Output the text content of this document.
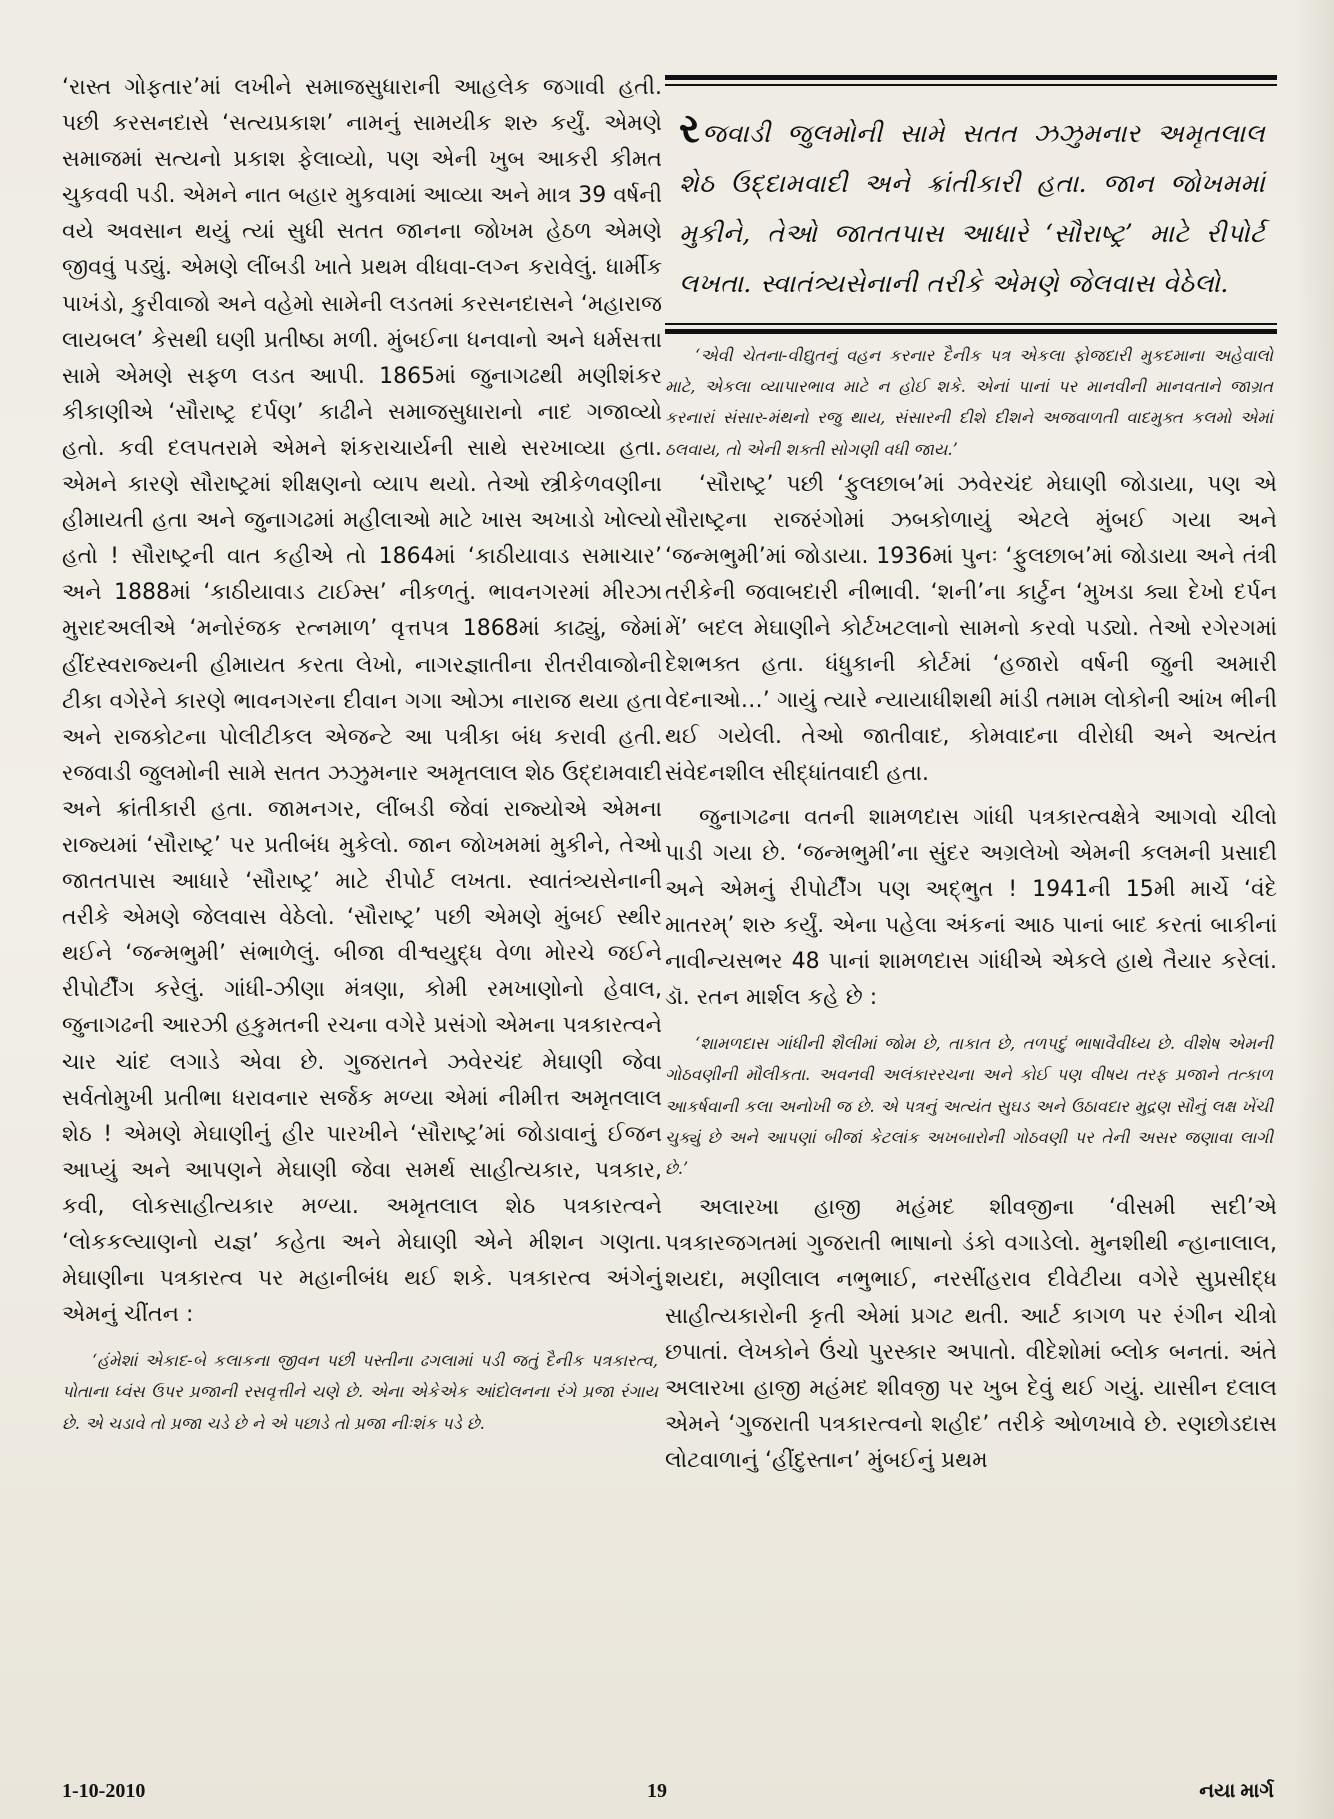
‘રાસ્ત ગોફતાર’માં લખીને સમાજસુધારાની આહલેક જગાવી હતી. પછી કરસનદાસે ‘સત્યપ્રકાશ’ નામનું સામયીક શરુ કર્યું. એમણે સમાજમાં સત્યનો પ્રકાશ ફેલાવ્યો, પણ એની ખુબ આકરી કીમત ચુકવવી પડી. એમને નાત બહાર મુકવામાં આવ્યા અને માત્ર 39 વર્ષની વયે અવસાન થયું ત્યાં સુધી સતત જાનના જોખમ હેઠળ એમણે જીવવું પડ્યું. એમણે લીંબડી ખાતે પ્રથમ વીધવા-લગ્ન કરાવેલું. ધાર્મીક પાખંડો, કુરીવાજો અને વહેમો સામેની લડતમાં કરસનદાસને ‘મહારાજ લાયબલ’ કેસથી ઘણી પ્રતીષ્ઠા મળી. મુંબઈના ધનવાનો અને ધર્મસત્તા સામે એમણે સફળ લડત આપી. 1865માં જુનાગઢથી મણીશંકર કીકાણીએ ‘સૌરાષ્ટ્ર દર્પણ’ કાઢીને સમાજસુધારાનો નાદ ગજાવ્યો હતો. કવી દલપતરામે એમને શંકરાચાર્યની સાથે સરખાવ્યા હતા. એમને કારણે સૌરાષ્ટ્રમાં શીક્ષણનો વ્યાપ થયો. તેઓ સ્ત્રીકેળવણીના હીમાયતી હતા અને જુનાગઢમાં મહીલાઓ માટે ખાસ અખાડો ખોલ્યો હતો ! સૌરાષ્ટ્રની વાત કહીએ તો 1864માં ‘કાઠીયાવાડ સમાચાર’ અને 1888માં ‘કાઠીયાવાડ ટાઈમ્સ’ નીકળતું. ભાવનગરમાં મીરઝા મુરાદઅલીએ ‘મનોરંજક રત્નમાળ’ વૃત્તપત્ર 1868માં કાઢ્યું, જેમાં હીંદસ્વરાજ્યની હીમાયત કરતા લેખો, નાગરજ્ઞાતીના રીતરીવાજોની ટીકા વગેરેને કારણે ભાવનગરના દીવાન ગગા ઓઝા નારાજ થયા હતા અને રાજકોટના પોલીટીકલ એજન્ટે આ પત્રીકા બંધ કરાવી હતી. રજવાડી જુલમોની સામે સતત ઝઝુમનાર અમૃતલાલ શેઠ ઉદ્દામવાદી અને ક્રાંતીકારી હતા. જામનગર, લીંબડી જેવાં રાજ્યોએ એમના રાજ્યમાં ‘સૌરાષ્ટ્ર’ પર પ્રતીબંધ મુકેલો. જાન જોખમમાં મુકીને, તેઓ જાતતપાસ આધારે ‘સૌરાષ્ટ્ર’ માટે રીપોર્ટ લખતા. સ્વાતંત્ર્યસેનાની તરીકે એમણે જેલવાસ વેઠેલો. ‘સૌરાષ્ટ્ર’ પછી એમણે મુંબઈ સ્થીર થઈને ‘જન્મભુમી’ સંભાળેલું. બીજા વીશ્વયુદ્ધ વેળા મોરચે જઈને રીપોર્ટીંગ કરેલું. ગાંધી-ઝીણા મંત્રણા, કોમી રમખાણોનો હેવાલ, જુનાગઢની આરઝી હકુમતની રચના વગેરે પ્રસંગો એમના પત્રકારત્વને ચાર ચાંદ લગાડે એવા છે. ગુજરાતને ઝવેરચંદ મેઘાણી જેવા સર્વતોમુખી પ્રતીભા ધરાવનાર સર્જક મળ્યા એમાં નીમીત્ત અમૃતલાલ શેઠ ! એમણે મેઘાણીનું હીર પારખીને ‘સૌરાષ્ટ્ર’માં જોડાવાનું ઈજન આપ્યું અને આપણને મેઘાણી જેવા સમર્થ સાહીત્યકાર, પત્રકાર, કવી, લોકસાહીત્યકાર મળ્યા. અમૃતલાલ શેઠ પત્રકારત્વને ‘લોકકલ્યાણનો યજ્ઞ’ કહેતા અને મેઘાણી એને મીશન ગણતા. મેઘાણીના પત્રકારત્વ પર મહાનીબંધ થઈ શકે. પત્રકારત્વ અંગેનું એમનું ચીંતન :

‘હંમેશાં એકાદ-બે કલાકના જીવન પછી પસ્તીના ઢગલામાં પડી જતું દૈનીક પત્રકારત્વ, પોતાના ધ્વંસ ઉપર પ્રજાની રસવૃત્તીને ચણે છે. એના એકેએક આંદોલનના રંગે પ્રજા રંગાય છે. એ ચડાવે તો પ્રજા ચડે છે ને એ પછાડે તો પ્રજા નીઃશંક પડે છે.

રજવાડી જુલમોની સામે સતત ઝઝુમનાર અમૃતલાલ શેઠ ઉદ્દામવાદી અને ક્રાંતીકારી હતા. જાન જોખમમાં મુકીને, તેઓ જાતતપાસ આધારે ‘સૌરાષ્ટ્ર’ માટે રીપોર્ટ લખતા. સ્વાતંત્ર્યસેનાની તરીકે એમણે જેલવાસ વેઠેલો.

‘એવી ચેતના-વીદ્યુતનું વહન કરનાર દૈનીક પત્ર એકલા ફોજદારી મુકદમાના અહેવાલો માટે, એકલા વ્યાપારભાવ માટે ન હોઈ શકે. એનાં પાનાં પર માનવીની માનવતાને જાગ્રત કરનારાં સંસાર-મંથનો રજુ થાય, સંસારની દીશે દીશને અજવાળતી વાદમુક્ત કલમો એમાં ઠલવાય, તો એની શક્તી સોગણી વધી જાય.’

‘સૌરાષ્ટ્ર’ પછી ‘ફુલછાબ’માં ઝવેરચંદ મેઘાણી જોડાયા, પણ એ સૌરાષ્ટ્રના રાજરંગોમાં ઝબકોળાયું એટલે મુંબઈ ગયા અને ‘જન્મભુમી’માં જોડાયા. 1936માં પુનઃ ‘ફુલછાબ’માં જોડાયા અને તંત્રી તરીકેની જવાબદારી નીભાવી. ‘શની’ના કાર્ટુન ‘મુખડા ક્યા દેખો દર્પન મેં’ બદલ મેઘાણીને કોર્ટખટલાનો સામનો કરવો પડ્યો. તેઓ રગેરગમાં દેશભક્ત હતા. ધંધુકાની કોર્ટમાં ‘હજારો વર્ષની જુની અમારી વેદનાઓ…’ ગાયું ત્યારે ન્યાયાધીશથી માંડી તમામ લોકોની આંખ ભીની થઈ ગયેલી. તેઓ જાતીવાદ, કોમવાદના વીરોધી અને અત્યંત સંવેદનશીલ સીદ્ધાંતવાદી હતા.

જુનાગઢના વતની શામળદાસ ગાંધી પત્રકારત્વક્ષેત્રે આગવો ચીલો પાડી ગયા છે. ‘જન્મભુમી’ના સુંદર અગ્રલેખો એમની કલમની પ્રસાદી અને એમનું રીપોર્ટીંગ પણ અદ્ભુત ! 1941ની 15મી માર્ચે ‘વંદે માતરમ્’ શરુ કર્યું. એના પહેલા અંકનાં આઠ પાનાં બાદ કરતાં બાકીનાં નાવીન્યસભર 48 પાનાં શામળદાસ ગાંધીએ એકલે હાથે તૈયાર કરેલાં. ડૉ. રતન માર્શલ કહે છે :

‘શામળદાસ ગાંધીની શૈલીમાં જોમ છે, તાકાત છે, તળપદું ભાષાવૈવીધ્ય છે. વીશેષ એમની ગોઠવણીની મૌલીકતા. અવનવી અલંકારરચના અને કોઈ પણ વીષય તરફ પ્રજાને તત્કાળ આકર્ષવાની કલા અનોખી જ છે. એ પત્રનું અત્યંત સુઘડ અને ઉઠાવદાર મુદ્રણ સૌનું લક્ષ ખેંચી ચુક્યું છે અને આપણાં બીજાં કેટલાંક અખબારોની ગોઠવણી પર તેની અસર જણાવા લાગી છે.’

અલારખા હાજી મહંમદ શીવજીના ‘વીસમી સદી’એ પત્રકારજગતમાં ગુજરાતી ભાષાનો ડંકો વગાડેલો. મુનશીથી ન્હાનાલાલ, શયદા, મણીલાલ નભુભાઈ, નરસીંહરાવ દીવેટીયા વગેરે સુપ્રસીદ્ધ સાહીત્યકારોની કૃતી એમાં પ્રગટ થતી. આર્ટ કાગળ પર રંગીન ચીત્રો છપાતાં. લેખકોને ઉંચો પુરસ્કાર અપાતો. વીદેશોમાં બ્લોક બનતાં. અંતે અલારખા હાજી મહંમદ શીવજી પર ખુબ દેવું થઈ ગયું. યાસીન દલાલ એમને ‘ગુજરાતી પત્રકારત્વનો શહીદ’ તરીકે ઓળખાવે છે. રણછોડદાસ લોટવાળાનું ‘હીંદુસ્તાન’ મુંબઈનું પ્રથમ

1-10-2010	19	નયા માર્ગ
